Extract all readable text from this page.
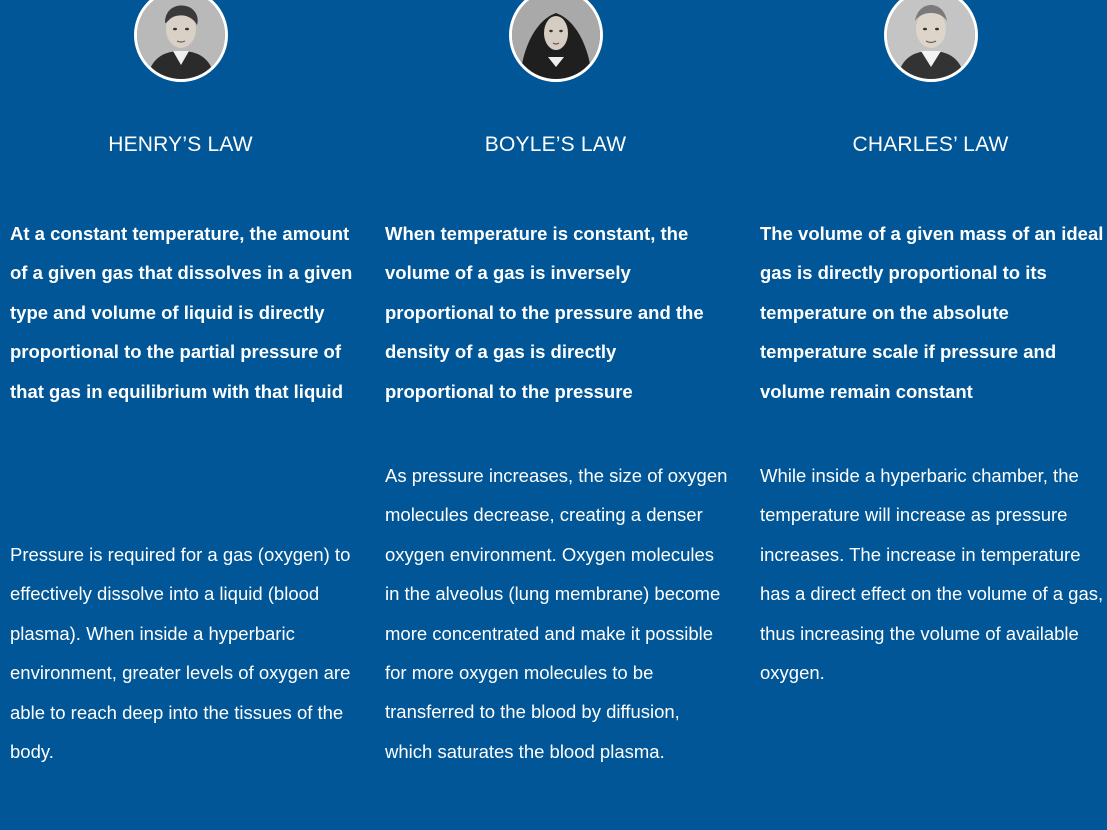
HENRY’S LAW

At a constant temperature, the amount of a given gas that dissolves in a given type and volume of liquid is directly proportional to the partial pressure of that gas in equilibrium with that liquid

Pressure is required for a gas (oxygen) to effectively dissolve into a liquid (blood plasma). When inside a hyperbaric environment, greater levels of oxygen are able to reach deep into the tissues of the body.

BOYLE’S LAW

When temperature is constant, the volume of a gas is inversely proportional to the pressure and the density of a gas is directly proportional to the pressure

As pressure increases, the size of oxygen molecules decrease, creating a denser oxygen environment. Oxygen molecules in the alveolus (lung membrane) become more concentrated and make it possible for more oxygen molecules to be transferred to the blood by diffusion, which saturates the blood plasma.

CHARLES’ LAW

The volume of a given mass of an ideal gas is directly proportional to its temperature on the absolute temperature scale if pressure and volume remain constant

While inside a hyperbaric chamber, the temperature will increase as pressure increases. The increase in temperature has a direct effect on the volume of a gas, thus increasing the volume of available oxygen.
